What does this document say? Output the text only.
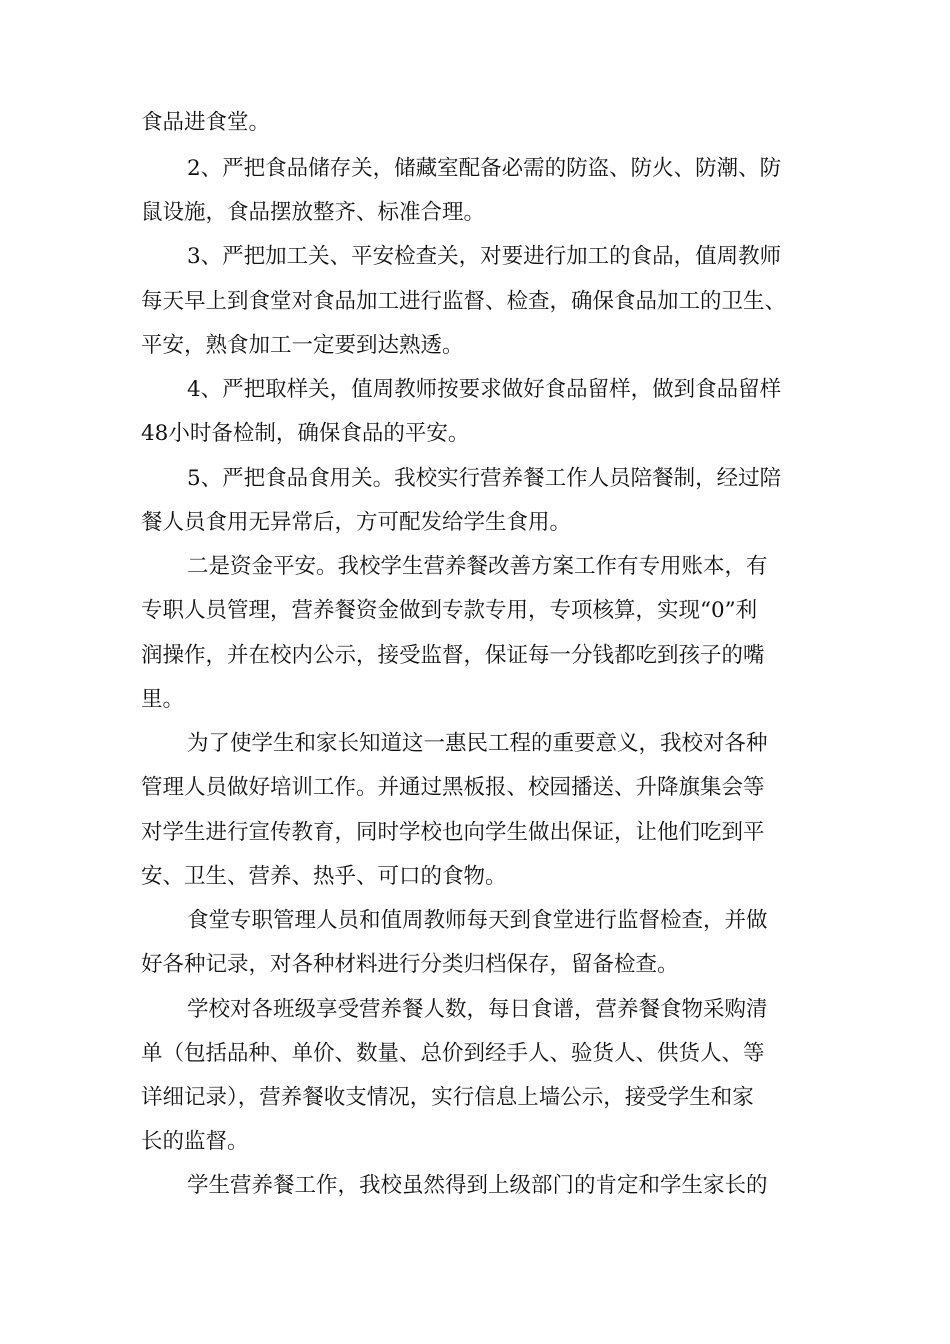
食品进食堂。
2、严把食品储存关，储藏室配备必需的防盗、防火、防潮、防
鼠设施，食品摆放整齐、标准合理。
3、严把加工关、平安检查关，对要进行加工的食品，值周教师
每天早上到食堂对食品加工进行监督、检查，确保食品加工的卫生、
平安，熟食加工一定要到达熟透。
4、严把取样关，值周教师按要求做好食品留样，做到食品留样
48小时备检制，确保食品的平安。
5、严把食品食用关。我校实行营养餐工作人员陪餐制，经过陪
餐人员食用无异常后，方可配发给学生食用。
二是资金平安。我校学生营养餐改善方案工作有专用账本，有
专职人员管理，营养餐资金做到专款专用，专项核算，实现“0”利
润操作，并在校内公示，接受监督，保证每一分钱都吃到孩子的嘴
里。
为了使学生和家长知道这一惠民工程的重要意义，我校对各种
管理人员做好培训工作。并通过黑板报、校园播送、升降旗集会等
对学生进行宣传教育，同时学校也向学生做出保证，让他们吃到平
安、卫生、营养、热乎、可口的食物。
食堂专职管理人员和值周教师每天到食堂进行监督检查，并做
好各种记录，对各种材料进行分类归档保存，留备检查。
学校对各班级享受营养餐人数，每日食谱，营养餐食物采购清
单（包括品种、单价、数量、总价到经手人、验货人、供货人、等
详细记录），营养餐收支情况，实行信息上墙公示，接受学生和家
长的监督。
学生营养餐工作，我校虽然得到上级部门的肯定和学生家长的
